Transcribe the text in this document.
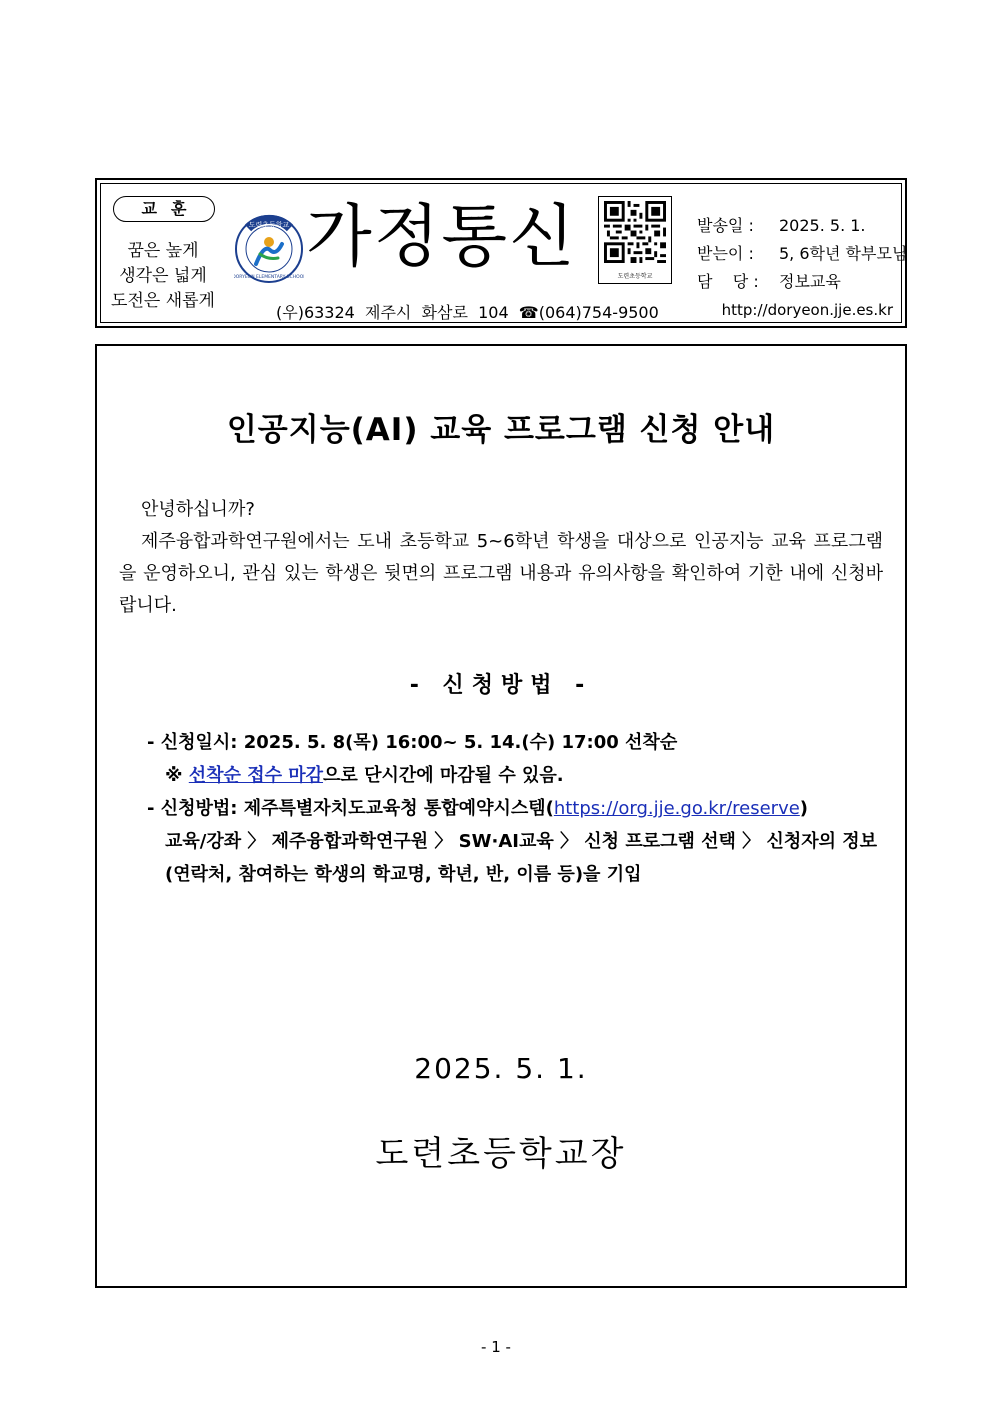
교훈
꿈은 높게
생각은 넓게
도전은 새롭게
도련초등학교
DORYEON ELEMENTARY SCHOOL
가정통신	도련초등학교
발송일 : 2025. 5. 1.
받는이 : 5, 6학년 학부모님
담    당 : 정보교육
(우)63324  제주시  화삼로  104  ☎(064)754-9500	http://doryeon.jje.es.kr
인공지능(AI) 교육 프로그램 신청 안내

안녕하십니까?

제주융합과학연구원에서는 도내 초등학교 5~6학년 학생을 대상으로 인공지능 교육 프로그램을 운영하오니, 관심 있는 학생은 뒷면의 프로그램 내용과 유의사항을 확인하여 기한 내에 신청바랍니다.

- 신청방법 -
- 신청일시: 2025. 5. 8(목) 16:00~ 5. 14.(수) 17:00 선착순
※ 선착순 접수 마감으로 단시간에 마감될 수 있음.
- 신청방법: 제주특별자치도교육청 통합예약시스템(https://org.jje.go.kr/reserve)
교육/강좌 〉 제주융합과학연구원 〉 SW·AI교육 〉 신청 프로그램 선택 〉 신청자의 정보
(연락처, 참여하는 학생의 학교명, 학년, 반, 이름 등)을 기입
2025. 5. 1.
도련초등학교장
- 1 -
